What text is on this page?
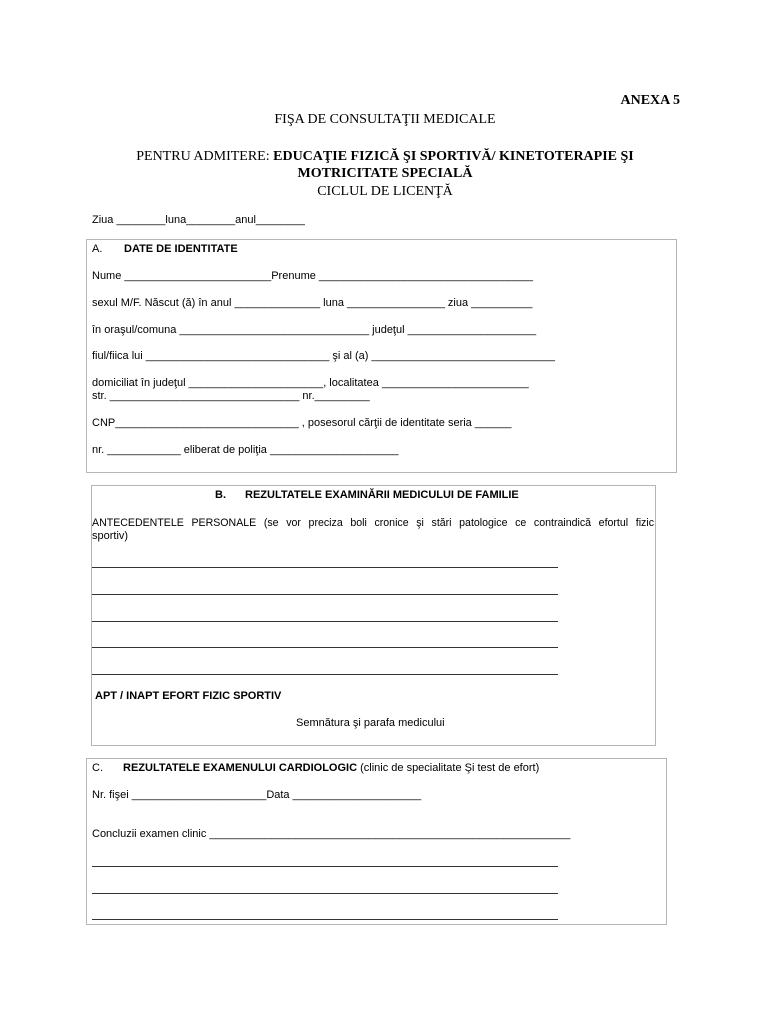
ANEXA 5
FIŞA DE CONSULTAŢII MEDICALE
PENTRU ADMITERE: EDUCAŢIE FIZICĂ ŞI SPORTIVĂ/ KINETOTERAPIE ŞI
MOTRICITATE SPECIALĂ
CICLUL DE LICENŢĂ
Ziua ________luna________anul________
A. DATE DE IDENTITATE
Nume ________________________Prenume ___________________________________
sexul M/F. Născut (ă) în anul ______________ luna ________________ ziua __________
în oraşul/comuna _______________________________ judeţul _____________________
fiul/fiica lui ______________________________ şi al (a) ______________________________
domiciliat în judeţul ______________________, localitatea ________________________
str. _______________________________ nr._________
CNP______________________________ , posesorul cărţii de identitate seria ______
nr. ____________ eliberat de poliţia _____________________
B. REZULTATELE EXAMINĂRII MEDICULUI DE FAMILIE
ANTECEDENTELE PERSONALE (se vor preciza boli cronice şi stări patologice ce contraindică efortul fizic
sportiv)
APT / INAPT EFORT FIZIC SPORTIV
Semnătura şi parafa medicului
C. REZULTATELE EXAMENULUI CARDIOLOGIC (clinic de specialitate Şi test de efort)
Nr. fişei ______________________Data _____________________
Concluzii examen clinic ___________________________________________________________
